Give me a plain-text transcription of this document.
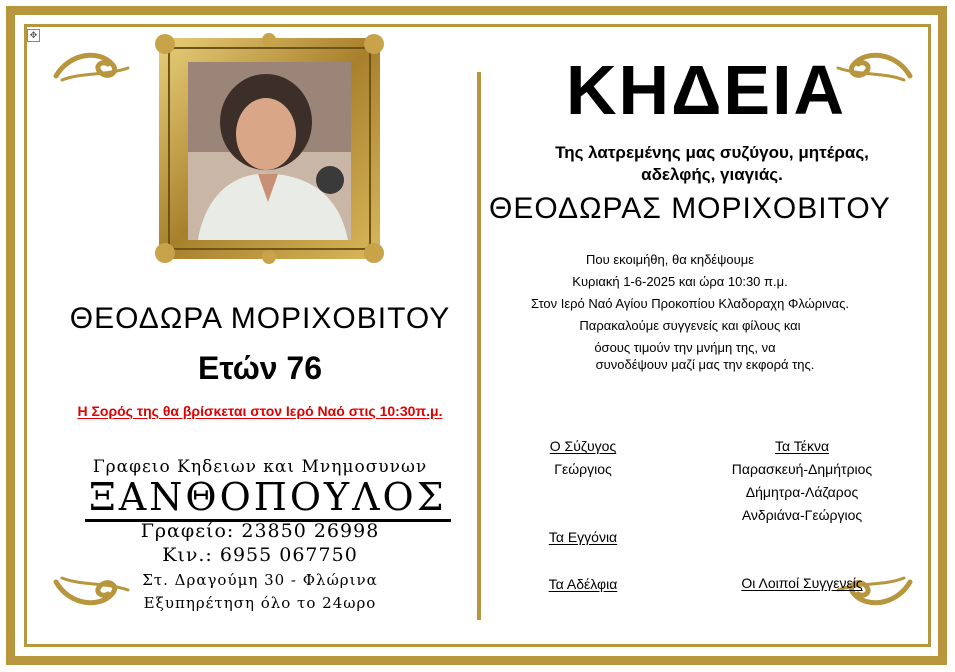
✥
ΚΗΔΕΙΑ
Της λατρεμένης μας συζύγου, μητέρας,
αδελφής, γιαγιάς.
ΘΕΟΔΩΡΑΣ ΜΟΡΙΧΟΒΙΤΟΥ
Που εκοιμήθη, θα κηδέψουμε
Κυριακή 1-6-2025 και ώρα 10:30 π.μ.
Στον Ιερό Ναό Αγίου Προκοπίου Κλαδοραχη Φλώρινας.
Παρακαλούμε συγγενείς και φίλους και
όσους τιμούν την μνήμη της, να
συνοδέψουν μαζί μας την εκφορά της.
Ο Σύζυγος
Γεώργιος
Τα Τέκνα
Παρασκευή-Δημήτριος
Δήμητρα-Λάζαρος
Ανδριάνα-Γεώργιος
Τα Εγγόνια
Τα Αδέλφια	Οι Λοιποί Συγγενείς
ΘΕΟΔΩΡΑ ΜΟΡΙΧΟΒΙΤΟΥ
Ετών 76
Η Σορός της θα βρίσκεται στον Ιερό Ναό στις 10:30π.μ.
Γραφειο Κηδειων και Μνημοσυνων
ΞΑΝΘΟΠΟΥΛΟΣ
Γραφείο: 23850 26998
Κιν.: 6955 067750
Στ. Δραγούμη 30 - Φλώρινα
Εξυπηρέτηση όλο το 24ωρο
